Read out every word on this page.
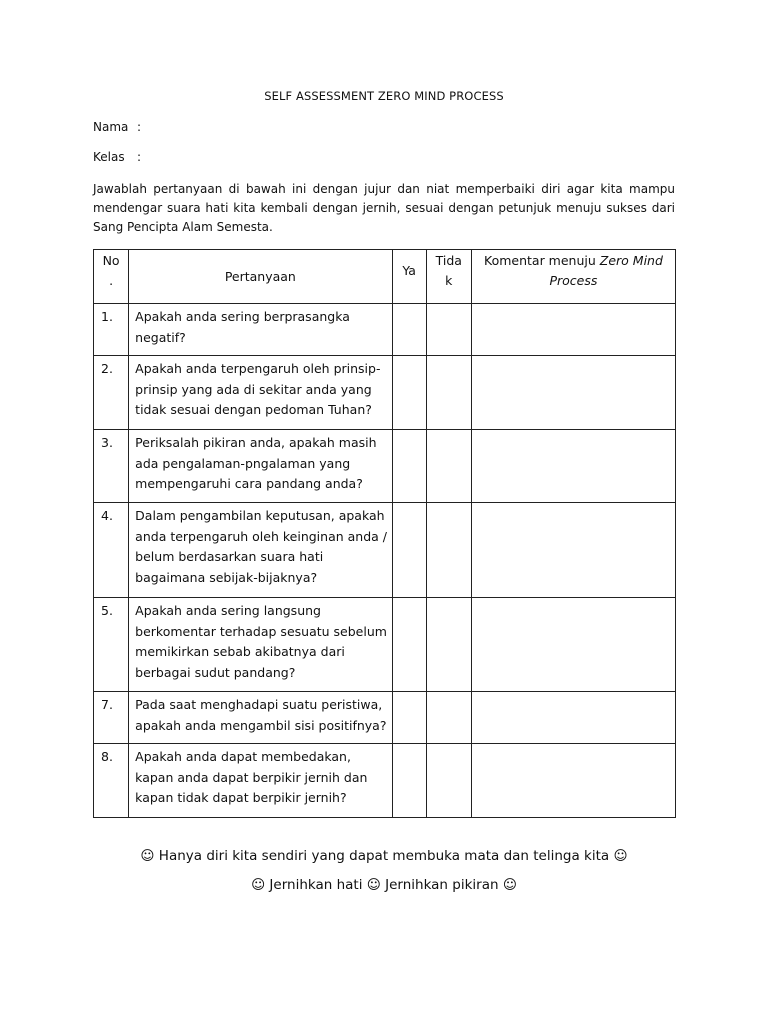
SELF ASSESSMENT ZERO MIND PROCESS
Nama :
Kelas :
Jawablah pertanyaan di bawah ini dengan jujur dan niat memperbaiki diri agar kita mampu mendengar suara hati kita kembali dengan jernih, sesuai dengan petunjuk menuju sukses dari Sang Pencipta Alam Semesta.
No .	Pertanyaan	Ya	Tida k	Komentar menuju Zero Mind Process
1.	Apakah anda sering berprasangka negatif?			
2.	Apakah anda terpengaruh oleh prinsip-prinsip yang ada di sekitar anda yang tidak sesuai dengan pedoman Tuhan?			
3.	Periksalah pikiran anda, apakah masih ada pengalaman-pngalaman yang mempengaruhi cara pandang anda?			
4.	Dalam pengambilan keputusan, apakah anda terpengaruh oleh keinginan anda / belum berdasarkan suara hati bagaimana sebijak-bijaknya?			
5.	Apakah anda sering langsung berkomentar terhadap sesuatu sebelum memikirkan sebab akibatnya dari berbagai sudut pandang?			
7.	Pada saat menghadapi suatu peristiwa, apakah anda mengambil sisi positifnya?			
8.	Apakah anda dapat membedakan, kapan anda dapat berpikir jernih dan kapan tidak dapat berpikir jernih?			
☺ Hanya diri kita sendiri yang dapat membuka mata dan telinga kita ☺
☺ Jernihkan hati ☺ Jernihkan pikiran ☺
